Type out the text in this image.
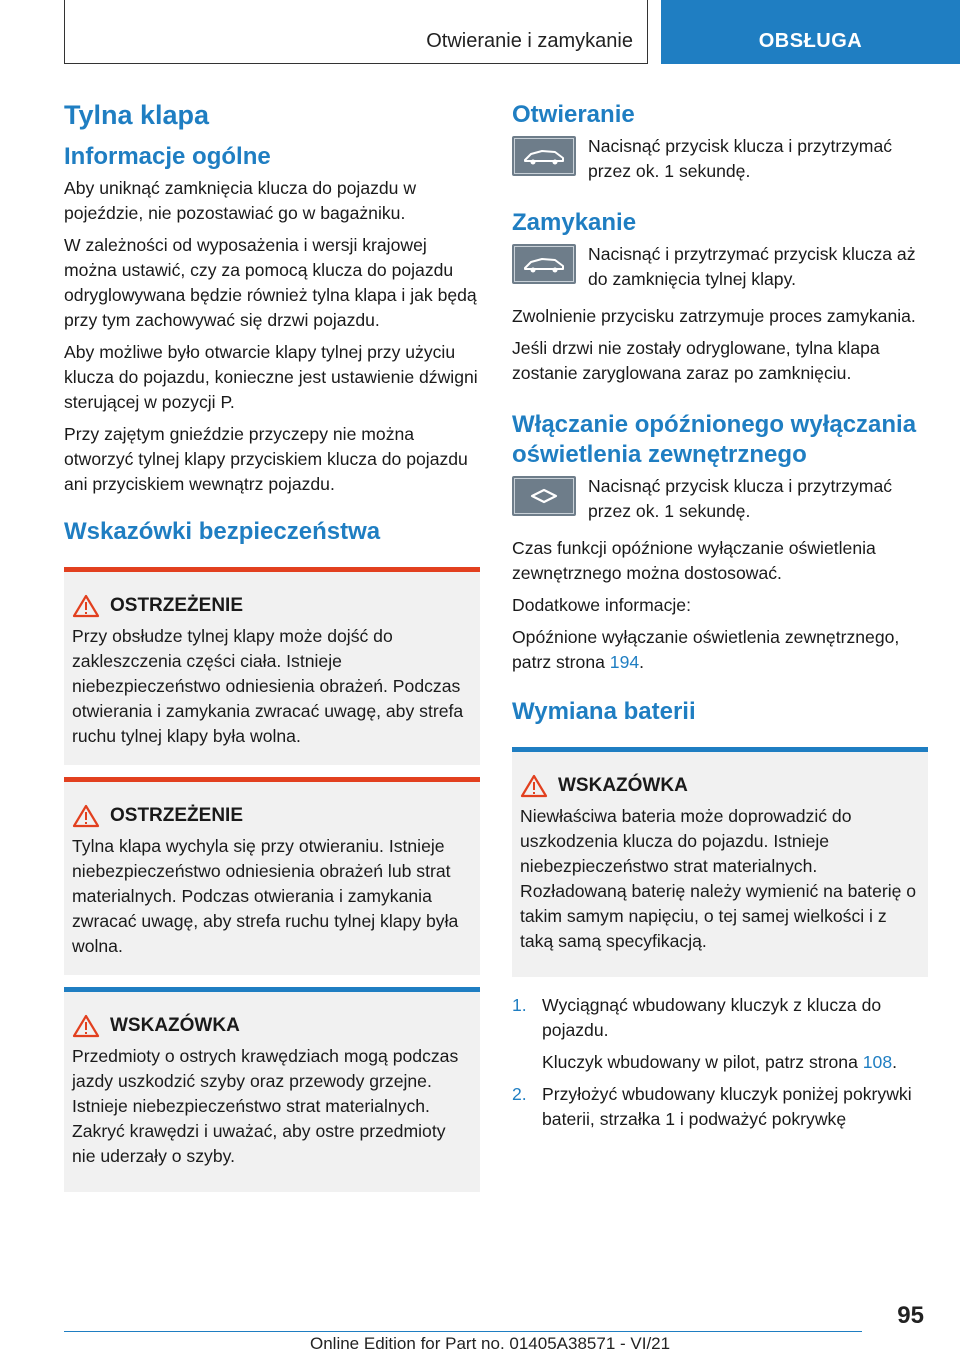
Otwieranie i zamykanie	OBSŁUGA
Tylna klapa
Informacje ogólne

Aby uniknąć zamknięcia klucza do pojazdu w pojeździe, nie pozostawiać go w bagażniku.

W zależności od wyposażenia i wersji krajowej można ustawić, czy za pomocą klucza do pojazdu odryglowywana będzie również tylna klapa i jak będą przy tym zachowywać się drzwi pojazdu.

Aby możliwe było otwarcie klapy tylnej przy użyciu klucza do pojazdu, konieczne jest ustawienie dźwigni sterującej w pozycji P.

Przy zajętym gnieździe przyczepy nie można otworzyć tylnej klapy przyciskiem klucza do pojazdu ani przyciskiem wewnątrz pojazdu.

Wskazówki bezpieczeństwa
OSTRZEŻENIE

Przy obsłudze tylnej klapy może dojść do zakleszczenia części ciała. Istnieje niebezpieczeństwo odniesienia obrażeń. Podczas otwierania i zamykania zwracać uwagę, aby strefa ruchu tylnej klapy była wolna.

OSTRZEŻENIE

Tylna klapa wychyla się przy otwieraniu. Istnieje niebezpieczeństwo odniesienia obrażeń lub strat materialnych. Podczas otwierania i zamykania zwracać uwagę, aby strefa ruchu tylnej klapy była wolna.

WSKAZÓWKA

Przedmioty o ostrych krawędziach mogą podczas jazdy uszkodzić szyby oraz przewody grzejne. Istnieje niebezpieczeństwo strat materialnych. Zakryć krawędzi i uważać, aby ostre przedmioty nie uderzały o szyby.

Otwieranie

Nacisnąć przycisk klucza i przytrzymać przez ok. 1 sekundę.

Zamykanie

Nacisnąć i przytrzymać przycisk klucza aż do zamknięcia tylnej klapy.

Zwolnienie przycisku zatrzymuje proces zamykania.

Jeśli drzwi nie zostały odryglowane, tylna klapa zostanie zaryglowana zaraz po zamknięciu.

Włączanie opóźnionego wyłączania oświetlenia zewnętrznego

Nacisnąć przycisk klucza i przytrzymać przez ok. 1 sekundę.

Czas funkcji opóźnione wyłączanie oświetlenia zewnętrznego można dostosować.

Dodatkowe informacje:

Opóźnione wyłączanie oświetlenia zewnętrznego, patrz strona 194.

Wymiana baterii
WSKAZÓWKA

Niewłaściwa bateria może doprowadzić do uszkodzenia klucza do pojazdu. Istnieje niebezpieczeństwo strat materialnych. Rozładowaną baterię należy wymienić na baterię o takim samym napięciu, o tej samej wielkości i z taką samą specyfikacją.

1. Wyciągnąć wbudowany kluczyk z klucza do pojazdu.

Kluczyk wbudowany w pilot, patrz strona 108.

2. Przyłożyć wbudowany kluczyk poniżej pokrywki baterii, strzałka 1 i podważyć pokrywkę

95
Online Edition for Part no. 01405A38571 - VI/21
